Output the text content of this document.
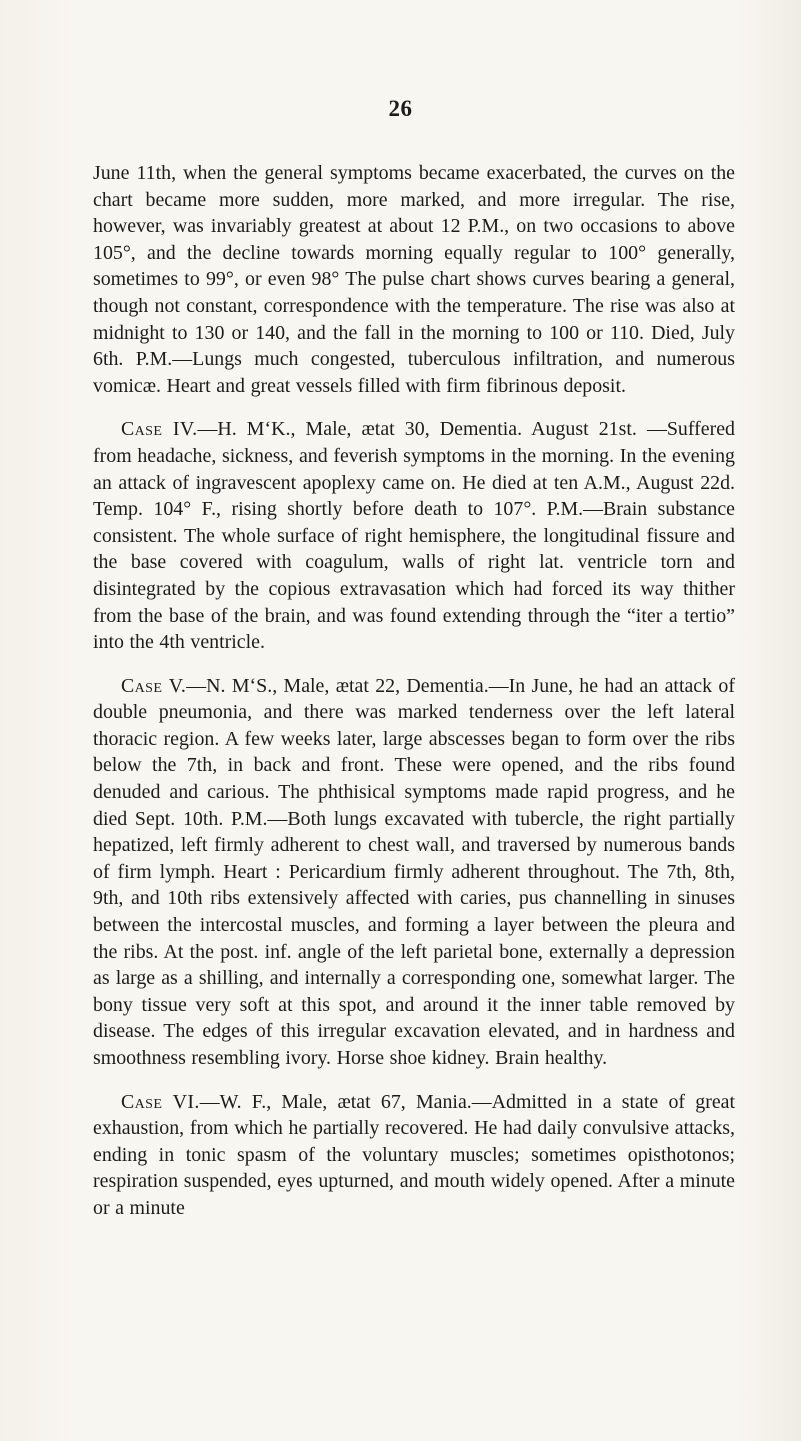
26

June 11th, when the general symptoms became exacerbated, the curves on the chart became more sudden, more marked, and more irregular. The rise, however, was invariably greatest at about 12 P.M., on two occasions to above 105°, and the decline towards morning equally regular to 100° generally, sometimes to 99°, or even 98° The pulse chart shows curves bearing a general, though not constant, correspondence with the temperature. The rise was also at midnight to 130 or 140, and the fall in the morning to 100 or 110. Died, July 6th. P.M.—Lungs much congested, tuberculous infiltration, and numerous vomicæ. Heart and great vessels filled with firm fibrinous deposit.

Case IV.—H. M‘K., Male, ætat 30, Dementia. August 21st. —Suffered from headache, sickness, and feverish symptoms in the morning. In the evening an attack of ingravescent apoplexy came on. He died at ten A.M., August 22d. Temp. 104° F., rising shortly before death to 107°. P.M.—Brain substance consistent. The whole surface of right hemisphere, the longitudinal fissure and the base covered with coagulum, walls of right lat. ventricle torn and disintegrated by the copious extravasation which had forced its way thither from the base of the brain, and was found extending through the “iter a tertio” into the 4th ventricle.

Case V.—N. M‘S., Male, ætat 22, Dementia.—In June, he had an attack of double pneumonia, and there was marked tenderness over the left lateral thoracic region. A few weeks later, large abscesses began to form over the ribs below the 7th, in back and front. These were opened, and the ribs found denuded and carious. The phthisical symptoms made rapid progress, and he died Sept. 10th. P.M.—Both lungs excavated with tubercle, the right partially hepatized, left firmly adherent to chest wall, and traversed by numerous bands of firm lymph. Heart : Pericardium firmly adherent throughout. The 7th, 8th, 9th, and 10th ribs extensively affected with caries, pus channelling in sinuses between the intercostal muscles, and forming a layer between the pleura and the ribs. At the post. inf. angle of the left parietal bone, externally a depression as large as a shilling, and internally a corresponding one, somewhat larger. The bony tissue very soft at this spot, and around it the inner table removed by disease. The edges of this irregular excavation elevated, and in hardness and smoothness resembling ivory. Horse shoe kidney. Brain healthy.

Case VI.—W. F., Male, ætat 67, Mania.—Admitted in a state of great exhaustion, from which he partially recovered. He had daily convulsive attacks, ending in tonic spasm of the voluntary muscles; sometimes opisthotonos; respiration suspended, eyes upturned, and mouth widely opened. After a minute or a minute
